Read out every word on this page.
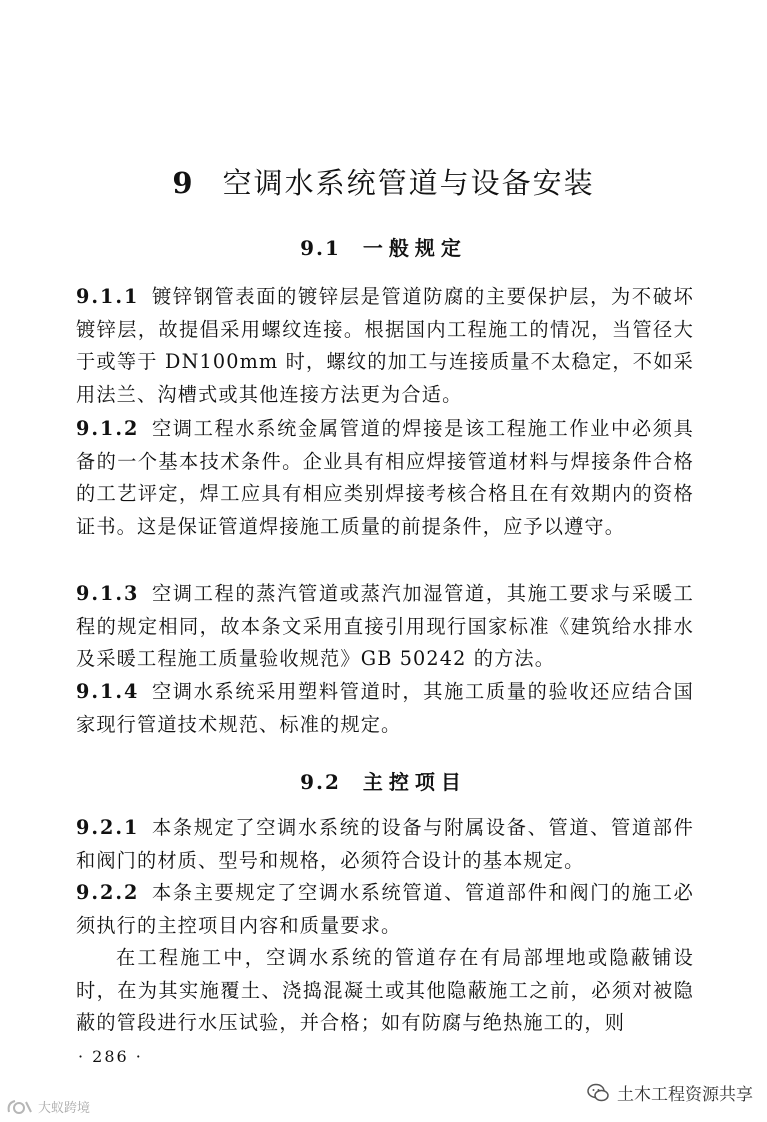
9 空调水系统管道与设备安装
9.1 一般规定

9.1.1 镀锌钢管表面的镀锌层是管道防腐的主要保护层，为不破坏镀锌层，故提倡采用螺纹连接。根据国内工程施工的情况，当管径大于或等于 DN100mm 时，螺纹的加工与连接质量不太稳定，不如采用法兰、沟槽式或其他连接方法更为合适。

9.1.2 空调工程水系统金属管道的焊接是该工程施工作业中必须具备的一个基本技术条件。企业具有相应焊接管道材料与焊接条件合格的工艺评定，焊工应具有相应类别焊接考核合格且在有效期内的资格证书。这是保证管道焊接施工质量的前提条件，应予以遵守。

9.1.3 空调工程的蒸汽管道或蒸汽加湿管道，其施工要求与采暖工程的规定相同，故本条文采用直接引用现行国家标准《建筑给水排水及采暖工程施工质量验收规范》GB 50242 的方法。

9.1.4 空调水系统采用塑料管道时，其施工质量的验收还应结合国家现行管道技术规范、标准的规定。

9.2 主控项目

9.2.1 本条规定了空调水系统的设备与附属设备、管道、管道部件和阀门的材质、型号和规格，必须符合设计的基本规定。

9.2.2 本条主要规定了空调水系统管道、管道部件和阀门的施工必须执行的主控项目内容和质量要求。

在工程施工中，空调水系统的管道存在有局部埋地或隐蔽铺设时，在为其实施覆土、浇捣混凝土或其他隐蔽施工之前，必须对被隐蔽的管段进行水压试验，并合格；如有防腐与绝热施工的，则

· 286 ·
土木工程资源共享
大蚁跨境
